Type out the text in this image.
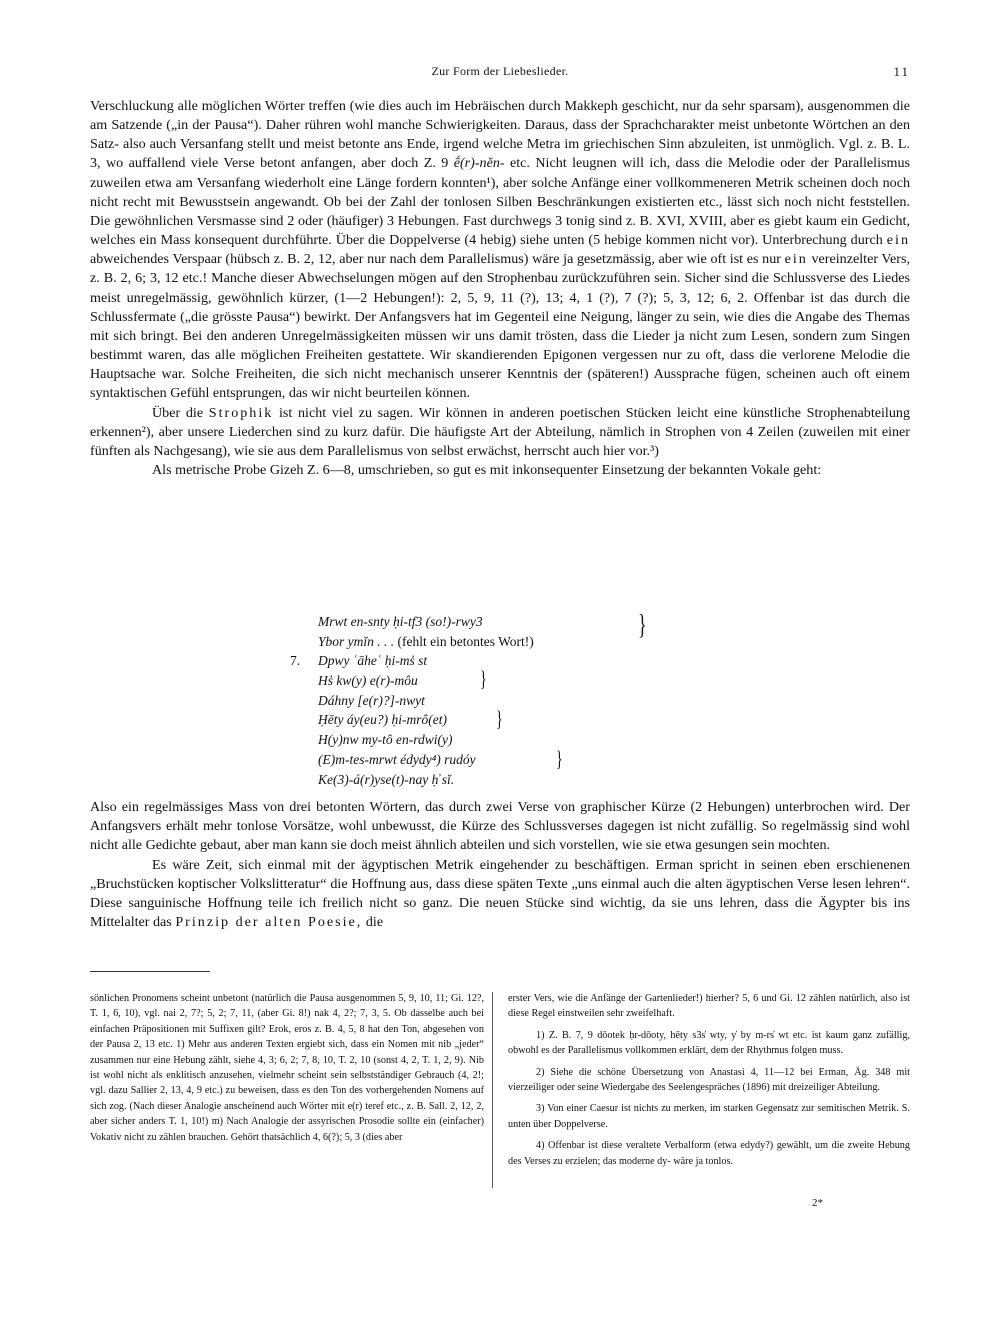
Zur Form der Liebeslieder.	11

Verschluckung alle möglichen Wörter treffen (wie dies auch im Hebräischen durch Makkeph geschicht, nur da sehr sparsam), ausgenommen die am Satzende („in der Pausa“). Daher rühren wohl manche Schwierigkeiten. Daraus, dass der Sprachcharakter meist unbetonte Wörtchen an den Satz- also auch Versanfang stellt und meist betonte ans Ende, irgend welche Metra im griechischen Sinn abzuleiten, ist unmöglich. Vgl. z. B. L. 3, wo auffallend viele Verse betont anfangen, aber doch Z. 9 ḗ(r)-nĕn- etc. Nicht leugnen will ich, dass die Melodie oder der Parallelismus zuweilen etwa am Versanfang wiederholt eine Länge fordern konnten¹), aber solche Anfänge einer vollkommeneren Metrik scheinen doch noch nicht recht mit Bewusstsein angewandt. Ob bei der Zahl der tonlosen Silben Beschränkungen existierten etc., lässt sich noch nicht feststellen. Die gewöhnlichen Versmasse sind 2 oder (häufiger) 3 Hebungen. Fast durchwegs 3 tonig sind z. B. XVI, XVIII, aber es giebt kaum ein Gedicht, welches ein Mass konsequent durchführte. Über die Doppelverse (4 hebig) siehe unten (5 hebige kommen nicht vor). Unterbrechung durch ein abweichendes Verspaar (hübsch z. B. 2, 12, aber nur nach dem Parallelismus) wäre ja gesetzmässig, aber wie oft ist es nur ein vereinzelter Vers, z. B. 2, 6; 3, 12 etc.! Manche dieser Abwechselungen mögen auf den Strophenbau zurückzuführen sein. Sicher sind die Schlussverse des Liedes meist unregelmässig, gewöhnlich kürzer, (1—2 Hebungen!): 2, 5, 9, 11 (?), 13; 4, 1 (?), 7 (?); 5, 3, 12; 6, 2. Offenbar ist das durch die Schlussfermate („die grösste Pausa“) bewirkt. Der Anfangsvers hat im Gegenteil eine Neigung, länger zu sein, wie dies die Angabe des Themas mit sich bringt. Bei den anderen Unregelmässigkeiten müssen wir uns damit trösten, dass die Lieder ja nicht zum Lesen, sondern zum Singen bestimmt waren, das alle möglichen Freiheiten gestattete. Wir skandierenden Epigonen vergessen nur zu oft, dass die verlorene Melodie die Hauptsache war. Solche Freiheiten, die sich nicht mechanisch unserer Kenntnis der (späteren!) Aussprache fügen, scheinen auch oft einem syntaktischen Gefühl entsprungen, das wir nicht beurteilen können.

Über die Strophik ist nicht viel zu sagen. Wir können in anderen poetischen Stücken leicht eine künstliche Strophenabteilung erkennen²), aber unsere Liederchen sind zu kurz dafür. Die häufigste Art der Abteilung, nämlich in Strophen von 4 Zeilen (zuweilen mit einer fünften als Nachgesang), wie sie aus dem Parallelismus von selbst erwächst, herrscht auch hier vor.³)

Als metrische Probe Gizeh Z. 6—8, umschrieben, so gut es mit inkonsequenter Einsetzung der bekannten Vokale geht:

Mrwt en-snty ḥi-tf3 (so!)-rwy3
Ybor ymĭn . . . (fehlt ein betontes Wort!)
7. Dpwy ʿāheʿ ḥi-ms̓ st
Hs̓ kw(y) e(r)-môu
Dáhny [e(r)?]-nwyt
Ḥēty áy(eu?) ḥi-mrô(et)
H(y)nw my-tô en-rdwi(y)
(E)m-tes-mrwt édydy⁴) rudóy
Ke(3)-á(r)yse(t)-nay ḥ̓ sĭ.
}
}
}
}

Also ein regelmässiges Mass von drei betonten Wörtern, das durch zwei Verse von graphischer Kürze (2 Hebungen) unterbrochen wird. Der Anfangsvers erhält mehr tonlose Vorsätze, wohl unbewusst, die Kürze des Schlussverses dagegen ist nicht zufällig. So regelmässig sind wohl nicht alle Gedichte gebaut, aber man kann sie doch meist ähnlich abteilen und sich vorstellen, wie sie etwa gesungen sein mochten.

Es wäre Zeit, sich einmal mit der ägyptischen Metrik eingehender zu beschäftigen. Erman spricht in seinen eben erschienenen „Bruchstücken koptischer Volkslitteratur“ die Hoffnung aus, dass diese späten Texte „uns einmal auch die alten ägyptischen Verse lesen lehren“. Diese sanguinische Hoffnung teile ich freilich nicht so ganz. Die neuen Stücke sind wichtig, da sie uns lehren, dass die Ägypter bis ins Mittelalter das Prinzip der alten Poesie, die

sönlichen Pronomens scheint unbetont (natürlich die Pausa ausgenommen 5, 9, 10, 11; Gi. 12?, T. 1, 6, 10), vgl. nai 2, 7?; 5, 2; 7, 11, (aber Gi. 8!) nak 4, 2?; 7, 3, 5. Ob dasselbe auch bei einfachen Präpositionen mit Suffixen gilt? Erok, eros z. B. 4, 5, 8 hat den Ton, abgesehen von der Pausa 2, 13 etc. 1) Mehr aus anderen Texten ergiebt sich, dass ein Nomen mit nib „jeder“ zusammen nur eine Hebung zählt, siehe 4, 3; 6, 2; 7, 8, 10, T. 2, 10 (sonst 4, 2, T. 1, 2, 9). Nib ist wohl nicht als enklitisch anzusehen, vielmehr scheint sein selbstständiger Gebrauch (4, 2!; vgl. dazu Sallier 2, 13, 4, 9 etc.) zu beweisen, dass es den Ton des vorhergehenden Nomens auf sich zog. (Nach dieser Analogie anscheinend auch Wörter mit e(r) teref etc., z. B. Sall. 2, 12, 2, aber sicher anders T. 1, 10!) m) Nach Analogie der assyrischen Prosodie sollte ein (einfacher) Vokativ nicht zu zählen brauchen. Gehört thatsächlich 4, 6(?); 5, 3 (dies aber

erster Vers, wie die Anfänge der Gartenlieder!) hierher? 5, 6 und Gi. 12 zählen natürlich, also ist diese Regel einstweilen sehr zweifelhaft.

1) Z. B. 7, 9 dōotek ḥr-dōoty, hēty s3s̓ wty, y̓ by m-rs̓ wt etc. ist kaum ganz zufällig, obwohl es der Parallelismus vollkommen erklärt, dem der Rhythmus folgen muss.

2) Siehe die schöne Übersetzung von Anastasi 4, 11—12 bei Erman, Äg. 348 mit vierzeiliger oder seine Wiedergabe des Seelengespräches (1896) mit dreizeiliger Abteilung.

3) Von einer Caesur ist nichts zu merken, im starken Gegensatz zur semitischen Metrik. S. unten über Doppelverse.

4) Offenbar ist diese veraltete Verbalform (etwa edydy?) gewählt, um die zweite Hebung des Verses zu erzielen; das moderne dy- wäre ja tonlos.

2*
